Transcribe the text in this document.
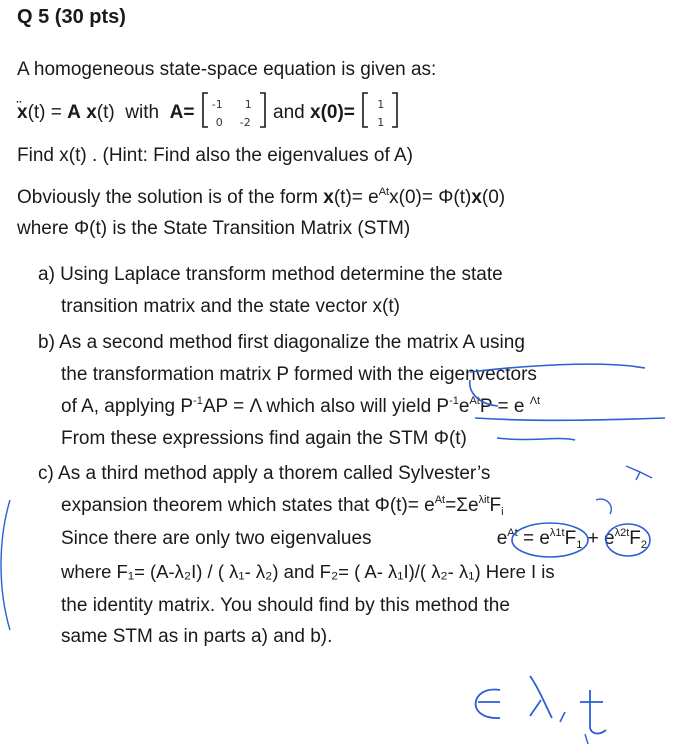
Q 5 (30 pts)
A homogeneous state-space equation is given as:
x
(t) = A x(t) with A= -1 1
0 -2 and x(0)= 1
1
Find x(t) . (Hint: Find also the eigenvalues of A)
Obviously the solution is of the form $x(t)= e^{At}x(0)= \Phi(t)x(0)$
where Φ(t) is the State Transition Matrix (STM)
a) Using Laplace transform method determine the state
transition matrix and the state vector x(t)
b) As a second method first diagonalize the matrix A using
the transformation matrix P formed with the eigenvectors
of A, applying $P^{-1}AP = \Lambda$ which also will yield $P^{-1}e^{At}P = e$ $^{\Lambda t}$
From these expressions find again the STM Φ(t)
c) As a third method apply a thorem called Sylvester’s
expansion theorem which states that $\Phi(t)= e^{At}=\Sigma e^{\lambda it}F_i$
Since there are only two eigenvalues	$e^{At} = e^{\lambda 1t}F_1 + e^{\lambda 2t}F_2$
where F₁= (A-λ₂I) / ( λ₁- λ₂) and F₂= ( A- λ₁I)/( λ₂- λ₁) Here I is
the identity matrix. You should find by this method the
same STM as in parts a) and b).
